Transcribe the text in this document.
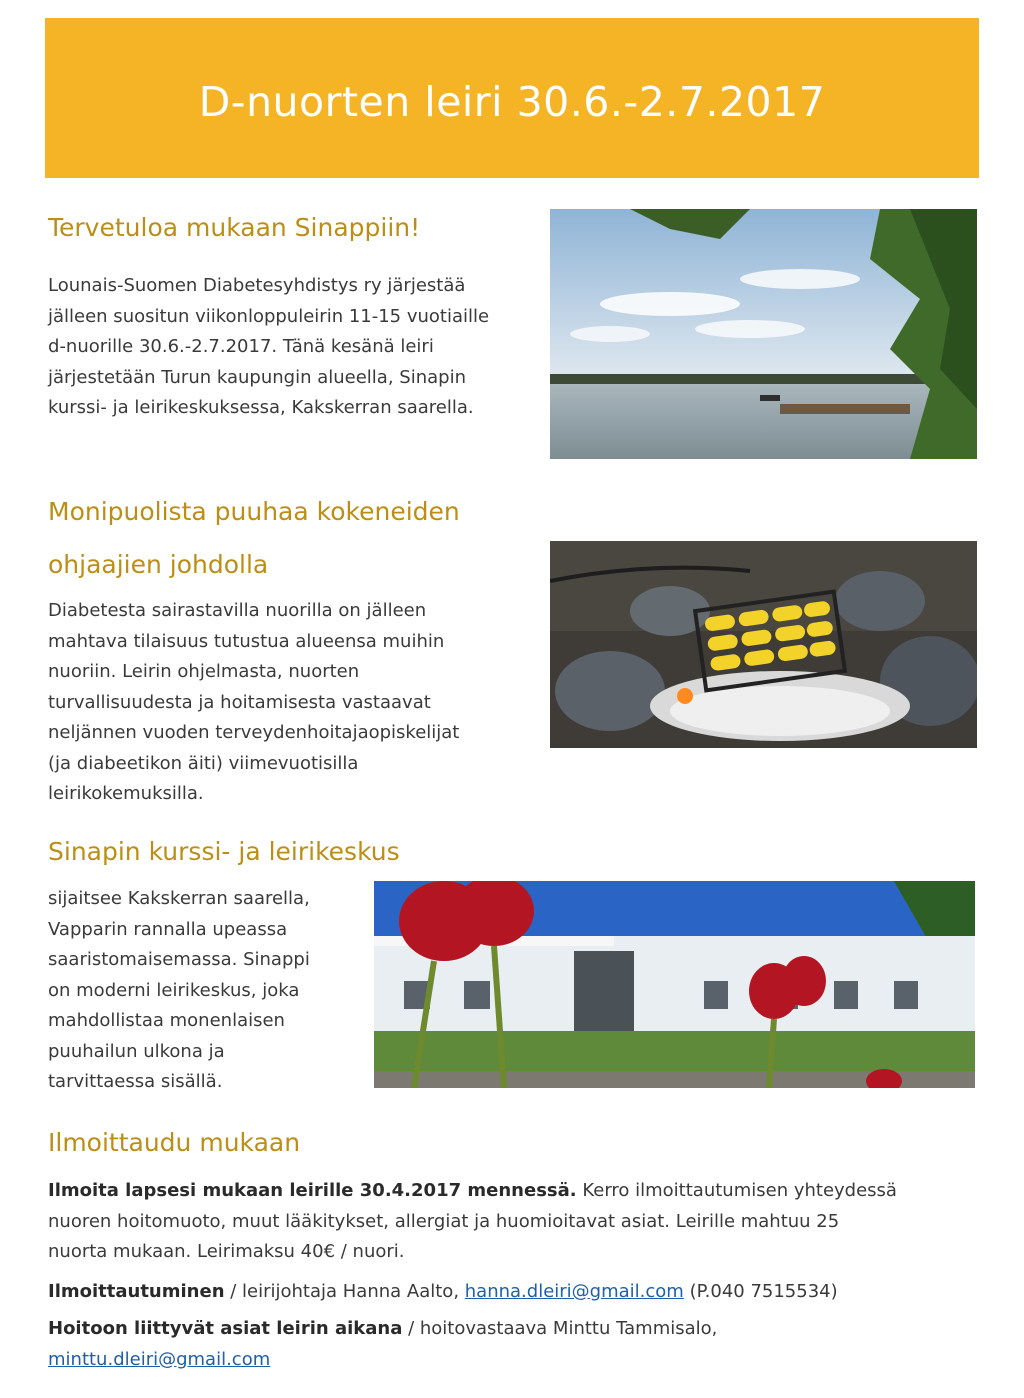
D-nuorten leiri 30.6.-2.7.2017
Tervetuloa mukaan Sinappiin!
Lounais-Suomen Diabetesyhdistys ry järjestää
jälleen suositun viikonloppuleirin 11-15 vuotiaille
d-nuorille 30.6.-2.7.2017. Tänä kesänä leiri
järjestetään Turun kaupungin alueella, Sinapin
kurssi- ja leirikeskuksessa, Kakskerran saarella.
Monipuolista puuhaa kokeneiden
ohjaajien johdolla
Diabetesta sairastavilla nuorilla on jälleen
mahtava tilaisuus tutustua alueensa muihin
nuoriin. Leirin ohjelmasta, nuorten
turvallisuudesta ja hoitamisesta vastaavat
neljännen vuoden terveydenhoitajaopiskelijat
(ja diabeetikon äiti) viimevuotisilla
leirikokemuksilla.
Sinapin kurssi- ja leirikeskus
sijaitsee Kakskerran saarella,
Vapparin rannalla upeassa
saaristomaisemassa. Sinappi
on moderni leirikeskus, joka
mahdollistaa monenlaisen
puuhailun ulkona ja
tarvittaessa sisällä.
Ilmoittaudu mukaan
Ilmoita lapsesi mukaan leirille 30.4.2017 mennessä. Kerro ilmoittautumisen yhteydessä
nuoren hoitomuoto, muut lääkitykset, allergiat ja huomioitavat asiat. Leirille mahtuu 25
nuorta mukaan. Leirimaksu 40€ / nuori.
Ilmoittautuminen / leirijohtaja Hanna Aalto, hanna.dleiri@gmail.com (P.040 7515534)
Hoitoon liittyvät asiat leirin aikana / hoitovastaava Minttu Tammisalo,
minttu.dleiri@gmail.com
